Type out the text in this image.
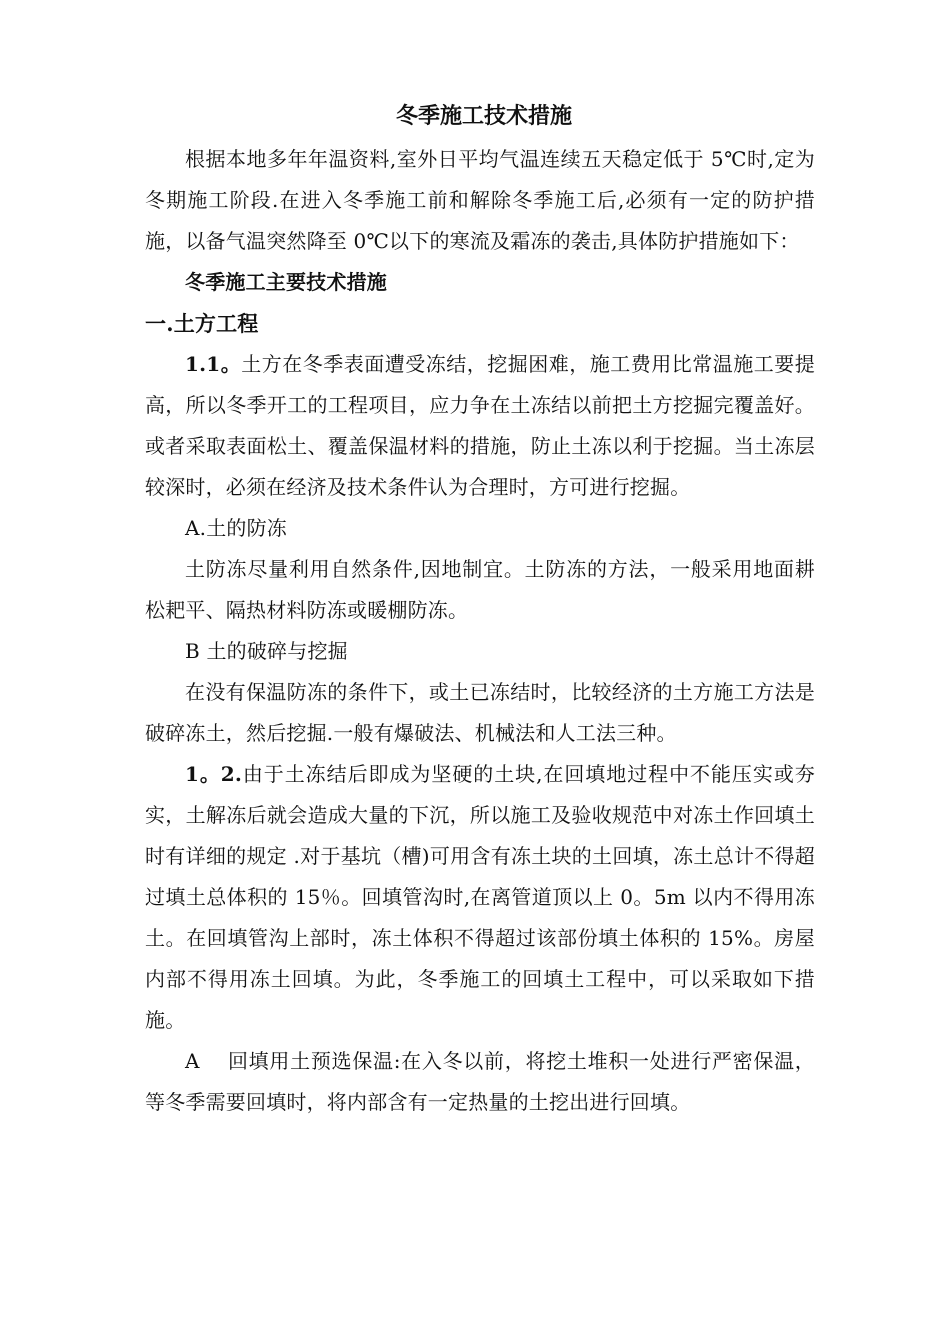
冬季施工技术措施

根据本地多年年温资料,室外日平均气温连续五天稳定低于 5℃时,定为冬期施工阶段.在进入冬季施工前和解除冬季施工后,必须有一定的防护措施，以备气温突然降至 0℃以下的寒流及霜冻的袭击,具体防护措施如下：

冬季施工主要技术措施

一.土方工程

1.1。土方在冬季表面遭受冻结，挖掘困难，施工费用比常温施工要提高，所以冬季开工的工程项目，应力争在土冻结以前把土方挖掘完覆盖好。或者采取表面松土、覆盖保温材料的措施，防止土冻以利于挖掘。当土冻层较深时，必须在经济及技术条件认为合理时，方可进行挖掘。

A.土的防冻

土防冻尽量利用自然条件,因地制宜。土防冻的方法，一般采用地面耕松耙平、隔热材料防冻或暖棚防冻。

B 土的破碎与挖掘

在没有保温防冻的条件下，或土已冻结时，比较经济的土方施工方法是破碎冻土，然后挖掘.一般有爆破法、机械法和人工法三种。

1。2.由于土冻结后即成为坚硬的土块,在回填地过程中不能压实或夯实，土解冻后就会造成大量的下沉，所以施工及验收规范中对冻土作回填土时有详细的规定 .对于基坑（槽)可用含有冻土块的土回填，冻土总计不得超过填土总体积的 15％。回填管沟时,在离管道顶以上 0。5m 以内不得用冻土。在回填管沟上部时，冻土体积不得超过该部份填土体积的 15%。房屋内部不得用冻土回填。为此，冬季施工的回填土工程中，可以采取如下措施。

A　 回填用土预选保温:在入冬以前，将挖土堆积一处进行严密保温，等冬季需要回填时，将内部含有一定热量的土挖出进行回填。
